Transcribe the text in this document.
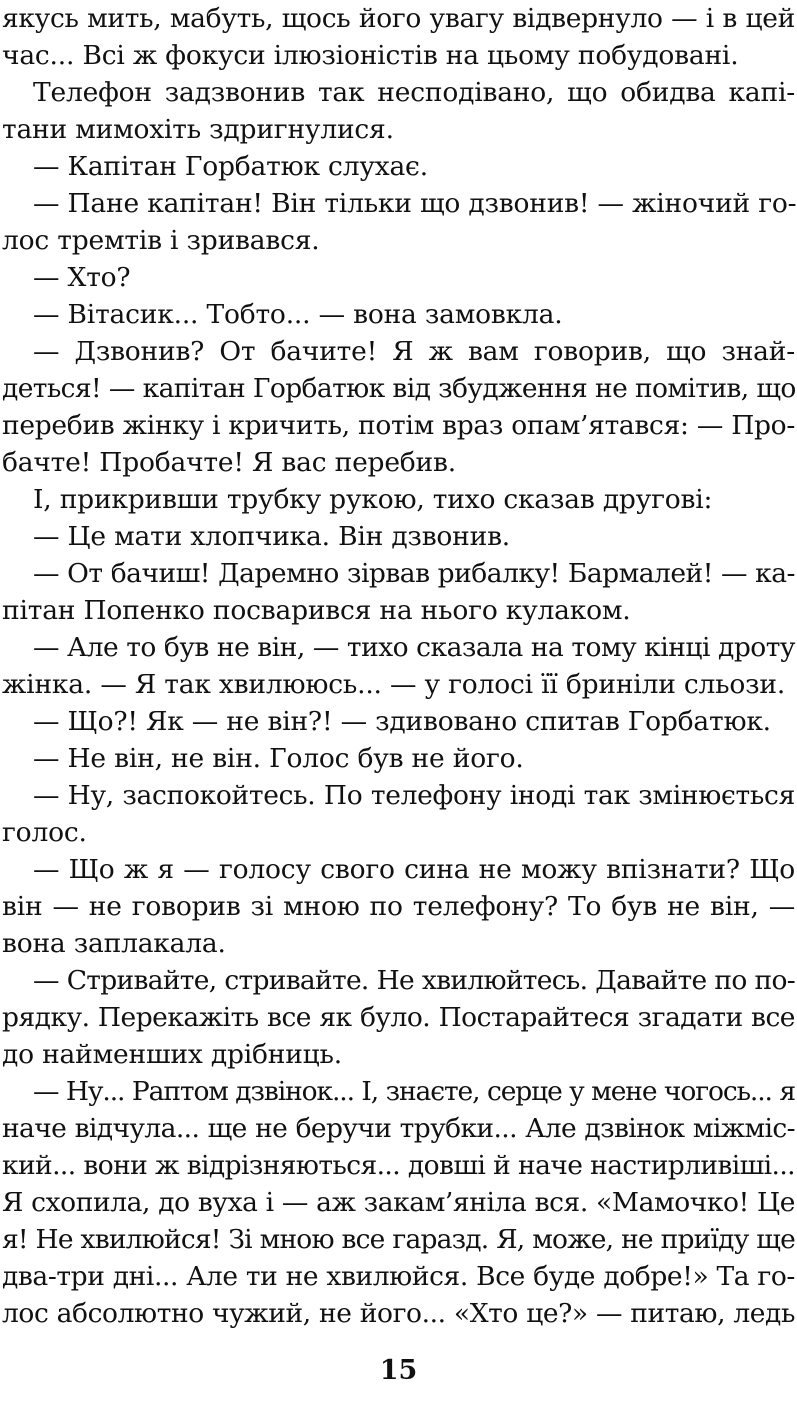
якусь мить, мабуть, щось його увагу відвернуло — і в цей
час... Всі ж фокуси ілюзіоністів на цьому побудовані.
Телефон задзвонив так несподівано, що обидва капі-
тани мимохіть здригнулися.
— Капітан Горбатюк слухає.
— Пане капітан! Він тільки що дзвонив! — жіночий го-
лос тремтів і зривався.
— Хто?
— Вітасик... Тобто... — вона замовкла.
— Дзвонив? От бачите! Я ж вам говорив, що знай-
деться! — капітан Горбатюк від збудження не помітив, що
перебив жінку і кричить, потім враз опам’ятався: — Про-
бачте! Пробачте! Я вас перебив.
І, прикривши трубку рукою, тихо сказав другові:
— Це мати хлопчика. Він дзвонив.
— От бачиш! Даремно зірвав рибалку! Бармалей! — ка-
пітан Попенко посварився на нього кулаком.
— Але то був не він, — тихо сказала на тому кінці дроту
жінка. — Я так хвилююсь... — у голосі її бриніли сльози.
— Що?! Як — не він?! — здивовано спитав Горбатюк.
— Не він, не він. Голос був не його.
— Ну, заспокойтесь. По телефону іноді так змінюється
голос.
— Що ж я — голосу свого сина не можу впізнати? Що
він — не говорив зі мною по телефону? То був не він, —
вона заплакала.
— Стривайте, стривайте. Не хвилюйтесь. Давайте по по-
рядку. Перекажіть все як було. Постарайтеся згадати все
до найменших дрібниць.
— Ну... Раптом дзвінок... І, знаєте, серце у мене чогось... я
наче відчула... ще не беручи трубки... Але дзвінок міжміс-
кий... вони ж відрізняються... довші й наче настирливіші...
Я схопила, до вуха і — аж закам’яніла вся. «Мамочко! Це
я! Не хвилюйся! Зі мною все гаразд. Я, може, не приїду ще
два-три дні... Але ти не хвилюйся. Все буде добре!» Та го-
лос абсолютно чужий, не його... «Хто це?» — питаю, ледь
15
